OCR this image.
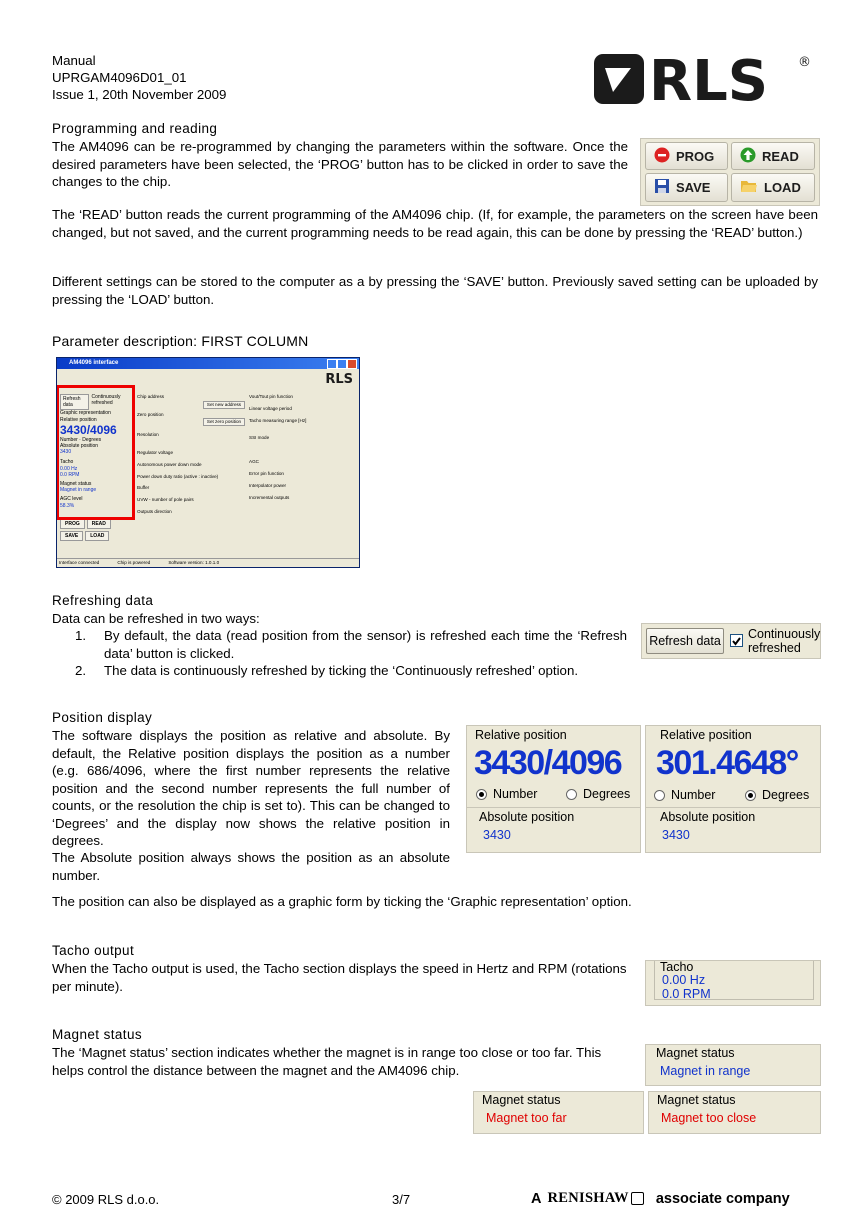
Manual
UPRGAM4096D01_01
Issue 1, 20th November 2009	RLS ®
Programming and reading

The AM4096 can be re-programmed by changing the parameters within the software. Once the desired parameters have been selected, the ‘PROG’ button has to be clicked in order to save the changes to the chip.

PROG	READ
SAVE	LOAD

The ‘READ’ button reads the current programming of the AM4096 chip. (If, for example, the parameters on the screen have been changed, but not saved, and the current programming needs to be read again, this can be done by pressing the ‘READ’ button.)

Different settings can be stored to the computer as a by pressing the ‘SAVE’ button. Previously saved setting can be uploaded by pressing the ‘LOAD’ button.

Parameter description: FIRST COLUMN
AM4096 interface
RLS
Refresh data
Continuously refreshed
Graphic representation
Relative position
3430/4096
Number · Degrees
Absolute position
3430
Tacho
0.00 Hz
0.0 RPM
Magnet status
Magnet in range
AGC level
58.3%
PROG	READ
SAVE	LOAD
Chip address
Set new address
Zero position
Set zero position
Resolution
Regulator voltage
Autonomous power down mode
Power down duty ratio (active : inactive)
Buffer
UVW - number of pole pairs
Outputs direction
Vout/Tout pin function
Linear voltage period
Tacho measuring range [Hz]
SSI mode
AGC
Error pin function
Interpolator power
Incremental outputs
Interface connected	Chip is powered	Software version: 1.0.1.0
Refreshing data

Data can be refreshed in two ways:

1.	By default, the data (read position from the sensor) is refreshed each time the ‘Refresh data’ button is clicked.
2.	The data is continuously refreshed by ticking the ‘Continuously refreshed’ option.
Refresh data Continuously
refreshed
Position display

The software displays the position as relative and absolute. By default, the Relative position displays the position as a number (e.g. 686/4096, where the first number represents the relative position and the second number represents the full number of counts, or the resolution the chip is set to). This can be changed to ‘Degrees’ and the display now shows the relative position in degrees.

The Absolute position always shows the position as an absolute number.

Relative position
3430/4096
Number	Degrees
Absolute position
3430
Relative position
301.4648°
Number	Degrees
Absolute position
3430

The position can also be displayed as a graphic form by ticking the ‘Graphic representation’ option.

Tacho output

When the Tacho output is used, the Tacho section displays the speed in Hertz and RPM (rotations per minute).

Tacho
0.00 Hz
0.0 RPM
Magnet status

The ‘Magnet status’ section indicates whether the magnet is in range too close or too far. This helps control the distance between the magnet and the AM4096 chip.

Magnet status
Magnet in range
Magnet status
Magnet too far
Magnet status
Magnet too close
© 2009 RLS d.o.o.	3/7	A RENISHAW associate company
